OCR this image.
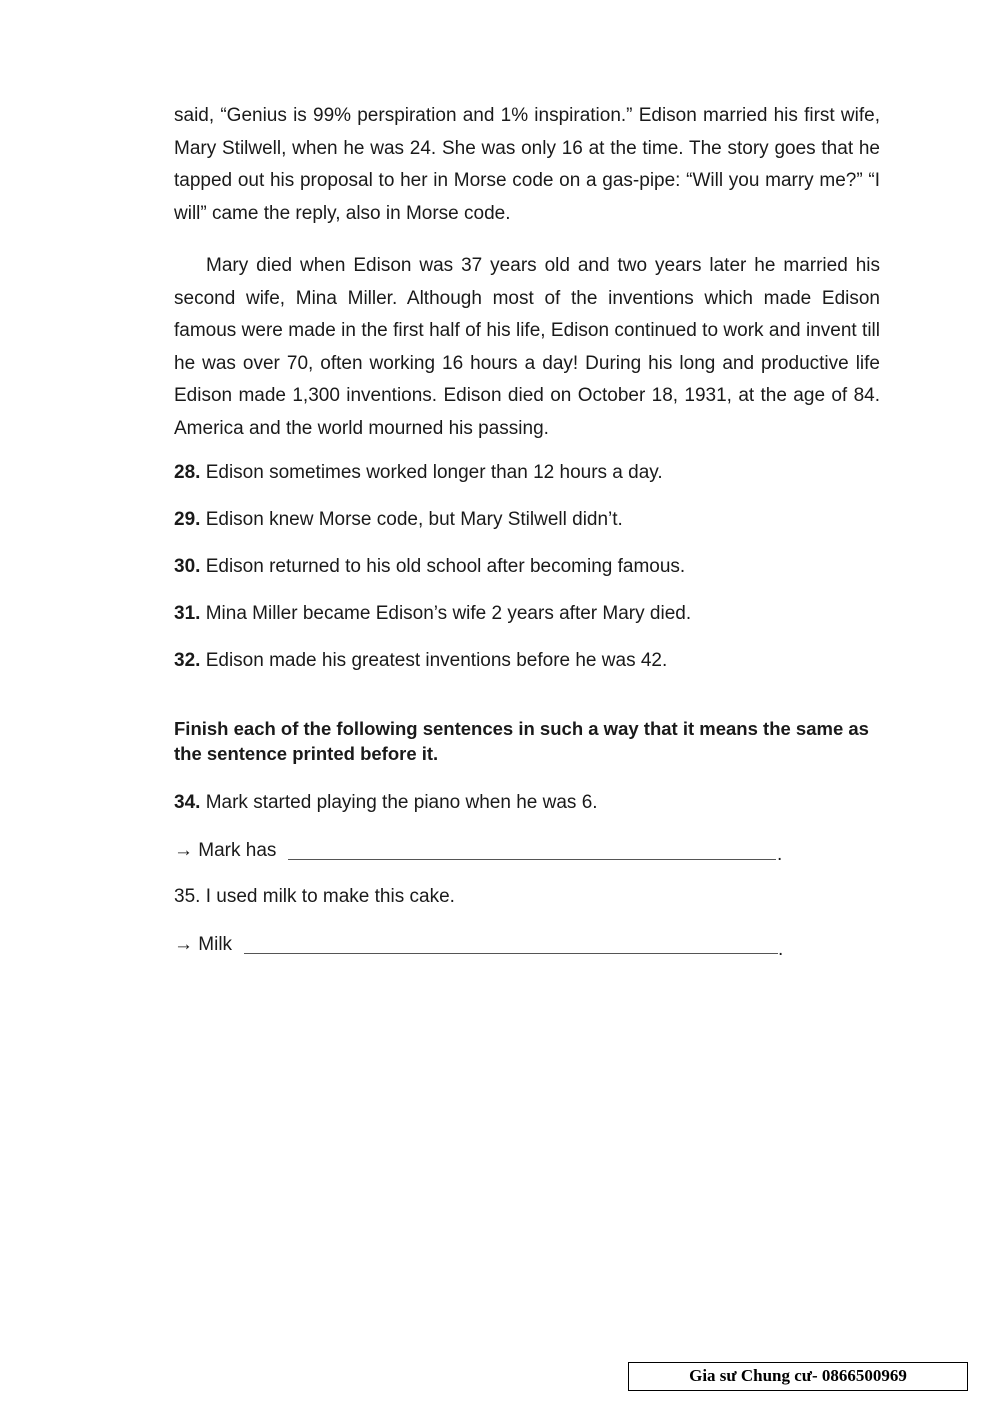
said, “Genius is 99% perspiration and 1% inspiration.” Edison married his first wife, Mary Stilwell, when he was 24. She was only 16 at the time. The story goes that he tapped out his proposal to her in Morse code on a gas-pipe: “Will you marry me?” “I will” came the reply, also in Morse code.

Mary died when Edison was 37 years old and two years later he married his second wife, Mina Miller. Although most of the inventions which made Edison famous were made in the first half of his life, Edison continued to work and invent till he was over 70, often working 16 hours a day! During his long and productive life Edison made 1,300 inventions. Edison died on October 18, 1931, at the age of 84. America and the world mourned his passing.

28. Edison sometimes worked longer than 12 hours a day.
29. Edison knew Morse code, but Mary Stilwell didn’t.
30. Edison returned to his old school after becoming famous.
31. Mina Miller became Edison’s wife 2 years after Mary died.
32. Edison made his greatest inventions before he was 42.
Finish each of the following sentences in such a way that it means the same as the sentence printed before it.
34. Mark started playing the piano when he was 6.
→ Mark has	.
35. I used milk to make this cake.
→ Milk	.
Gia sư Chung cư- 0866500969
